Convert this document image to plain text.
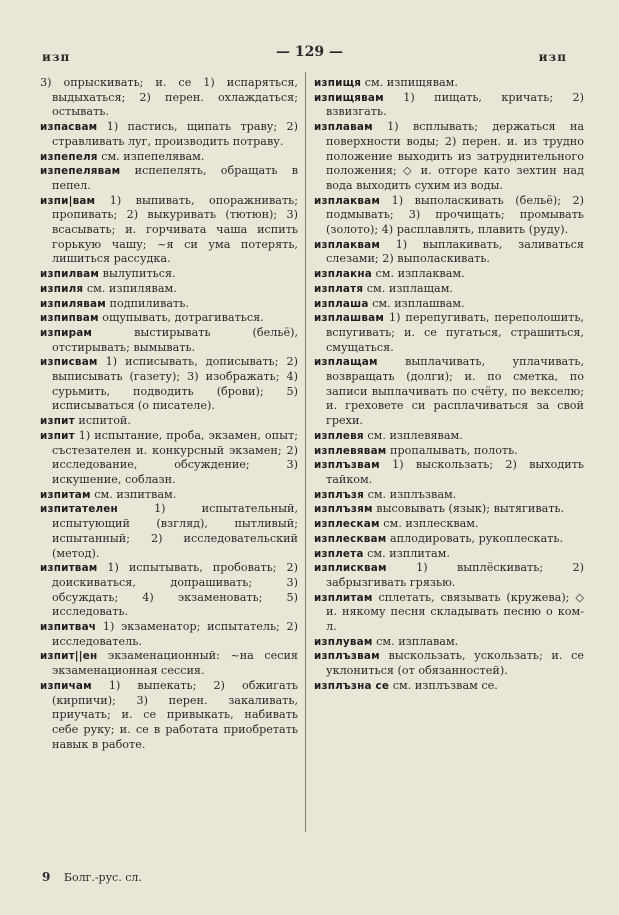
изп	— 129 —	изп

3) опрыскивать; и. се 1) испаряться, выдыхаться; 2) перен. охлаждаться; остывать.

изпасвам 1) пастись, щипать траву; 2) стравливать луг, производить потраву.

изпепеля см. изпепелявам.

изпепелявам испепелять, обращать в пепел.

изпи|вам 1) выпивать, опоражнивать; пропивать; 2) выкуривать (тютюн); 3) всасывать; и. горчивата чаша испить горькую чашу; ~я си ума потерять, лишиться рассудка.

изпилвам вылупиться.

изпиля см. изпилявам.

изпилявам подпиливать.

изпипвам ощупывать, дотрагиваться.

изпирам	выстирывать (бельё), отстирывать; вымывать.

изписвам 1) исписывать, дописывать; 2) выписывать (газету); 3) изображать; 4) сурьмить, подводить (брови); 5) исписываться (о писателе).

изпит испитой.

изпит 1) испытание, проба, экзамен, опыт; състезателен и. конкурсный экзамен; 2) исследование, обсуждение; 3) искушение, соблазн.

изпитам см. изпитвам.

изпитателен	1) испытательный, испытующий (взгляд), пытливый; испытанный; 2) исследовательский (метод).

изпитвам 1) испытывать, пробовать; 2) доискиваться, допрашивать; 3) обсуждать; 4) экзаменовать; 5) исследовать.

изпитвач 1) экзаменатор; испытатель; 2) исследователь.

изпит||ен экзаменационный: ~на сесия экзаменационная сессия.

изпичам 1) выпекать; 2) обжигать (кирпичи); 3) перен. закаливать, приучать; и. се привыкать, набивать себе руку; и. се в работата приобретать навык в работе.

изпищя см. изпищявам.

изпищявам 1) пищать, кричать; 2) взвизгать.

изплавам 1) всплывать; держаться на поверхности воды; 2) перен. и. из трудно положение выходить из затруднительного положения; ◇ и. отгоре като зехтин над вода выходить сухим из воды.

изплаквам 1) выполаскивать (бельё); 2) подмывать; 3) прочищать; промывать (золото); 4) расплавлять, плавить (руду).

изплаквам 1) выплакивать, заливаться слезами; 2) выполаскивать.

изплакна см. изплаквам.

изплатя см. изплащам.

изплаша см. изплашвам.

изплашвам 1) перепугивать, переполошить, вспугивать; и. се пугаться, страшиться, смущаться.

изплащам выплачивать, уплачивать, возвращать (долги); и. по сметка, по записи выплачивать по счёту, по векселю; и. греховете си расплачиваться за свой грехи.

изплевя см. изплевявам.

изплевявам пропалывать, полоть.

изплъзвам 1) выскользать; 2) выходить тайком.

изплъзя см. изплъзвам.

изплъзям высовывать (язык); вытягивать.

изплескам см. изплесквам.

изплесквам аплодировать, рукоплескать.

изплета см. изплитам.

изплисквам	1) выплёскивать; 2) забрызгивать грязью.

изплитам сплетать, связывать (кружева); ◇ и. някому песня складывать песню о ком-л.

изплувам см. изплавам.

изплъзвам выскользать, ускользать; и. се уклониться (от обязанностей).

изплъзна се см. изплъзвам се.

9 Болг.-рус. сл.
